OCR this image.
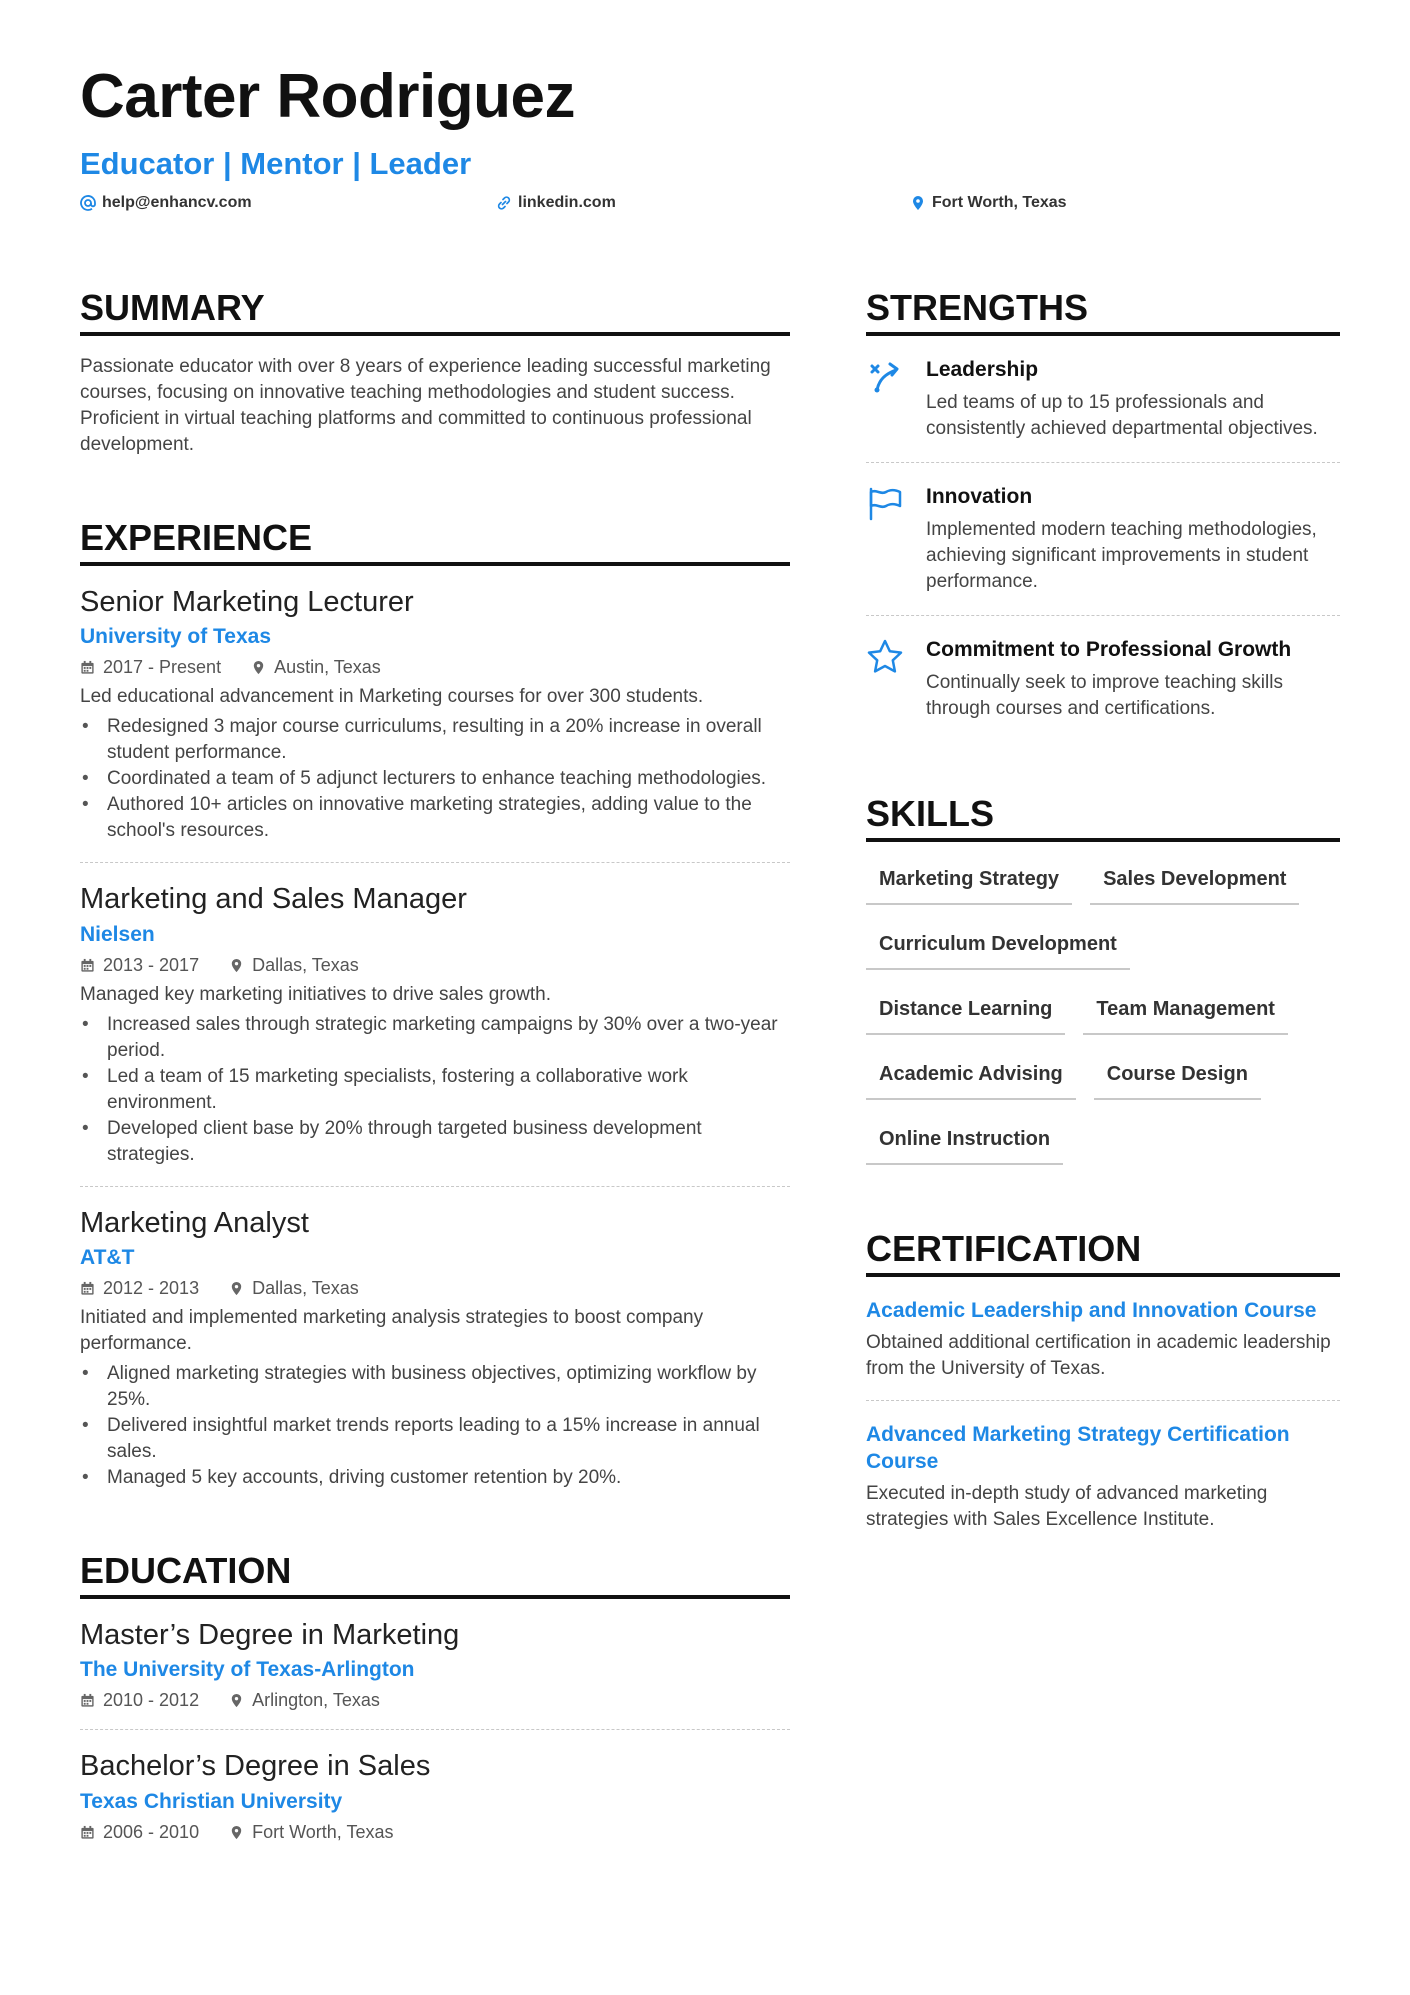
Carter Rodriguez
Educator | Mentor | Leader
help@enhancv.com	linkedin.com	Fort Worth, Texas
SUMMARY
Passionate educator with over 8 years of experience leading successful marketing courses, focusing on innovative teaching methodologies and student success. Proficient in virtual teaching platforms and committed to continuous professional development.
EXPERIENCE
Senior Marketing Lecturer
University of Texas
2017 - Present	Austin, Texas
Led educational advancement in Marketing courses for over 300 students.
• Redesigned 3 major course curriculums, resulting in a 20% increase in overall student performance.
• Coordinated a team of 5 adjunct lecturers to enhance teaching methodologies.
• Authored 10+ articles on innovative marketing strategies, adding value to the school's resources.
Marketing and Sales Manager
Nielsen
2013 - 2017	Dallas, Texas
Managed key marketing initiatives to drive sales growth.
• Increased sales through strategic marketing campaigns by 30% over a two-year period.
• Led a team of 15 marketing specialists, fostering a collaborative work environment.
• Developed client base by 20% through targeted business development strategies.
Marketing Analyst
AT&T
2012 - 2013	Dallas, Texas
Initiated and implemented marketing analysis strategies to boost company performance.
• Aligned marketing strategies with business objectives, optimizing workflow by 25%.
• Delivered insightful market trends reports leading to a 15% increase in annual sales.
• Managed 5 key accounts, driving customer retention by 20%.
EDUCATION
Master’s Degree in Marketing
The University of Texas-Arlington
2010 - 2012	Arlington, Texas
Bachelor’s Degree in Sales
Texas Christian University
2006 - 2010	Fort Worth, Texas
STRENGTHS
Leadership
Led teams of up to 15 professionals and consistently achieved departmental objectives.
Innovation
Implemented modern teaching methodologies, achieving significant improvements in student performance.
Commitment to Professional Growth
Continually seek to improve teaching skills through courses and certifications.
SKILLS
Marketing Strategy	Sales Development
Curriculum Development
Distance Learning	Team Management
Academic Advising	Course Design
Online Instruction
CERTIFICATION
Academic Leadership and Innovation Course
Obtained additional certification in academic leadership from the University of Texas.
Advanced Marketing Strategy Certification Course
Executed in-depth study of advanced marketing strategies with Sales Excellence Institute.
